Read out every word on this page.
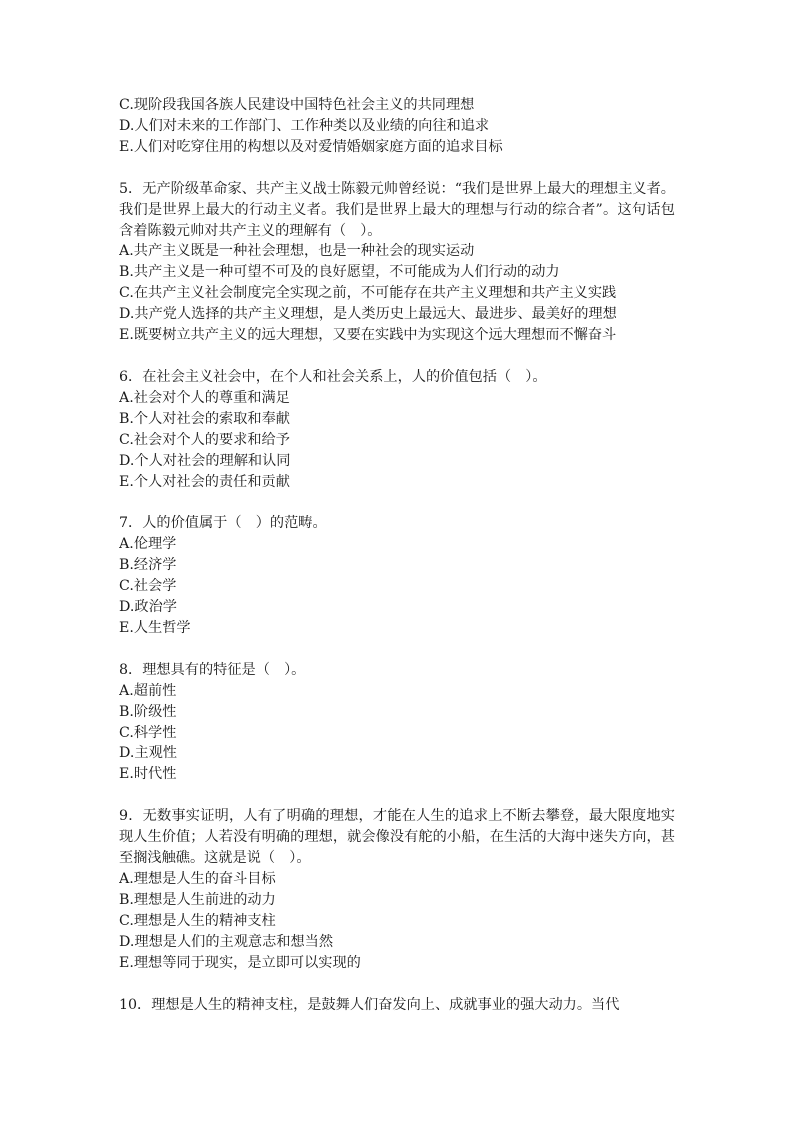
C.现阶段我国各族人民建设中国特色社会主义的共同理想
D.人们对未来的工作部门、工作种类以及业绩的向往和追求
E.人们对吃穿住用的构想以及对爱情婚姻家庭方面的追求目标
5．无产阶级革命家、共产主义战士陈毅元帅曾经说：“我们是世界上最大的理想主义者。我们是世界上最大的行动主义者。我们是世界上最大的理想与行动的综合者”。这句话包含着陈毅元帅对共产主义的理解有（　）。
A.共产主义既是一种社会理想，也是一种社会的现实运动
B.共产主义是一种可望不可及的良好愿望，不可能成为人们行动的动力
C.在共产主义社会制度完全实现之前，不可能存在共产主义理想和共产主义实践
D.共产党人选择的共产主义理想，是人类历史上最远大、最进步、最美好的理想
E.既要树立共产主义的远大理想，又要在实践中为实现这个远大理想而不懈奋斗
6．在社会主义社会中，在个人和社会关系上，人的价值包括（　）。
A.社会对个人的尊重和满足
B.个人对社会的索取和奉献
C.社会对个人的要求和给予
D.个人对社会的理解和认同
E.个人对社会的责任和贡献
7．人的价值属于（　）的范畴。
A.伦理学
B.经济学
C.社会学
D.政治学
E.人生哲学
8．理想具有的特征是（　）。
A.超前性
B.阶级性
C.科学性
D.主观性
E.时代性
9．无数事实证明，人有了明确的理想，才能在人生的追求上不断去攀登，最大限度地实现人生价值；人若没有明确的理想，就会像没有舵的小船，在生活的大海中迷失方向，甚至搁浅触礁。这就是说（　）。
A.理想是人生的奋斗目标
B.理想是人生前进的动力
C.理想是人生的精神支柱
D.理想是人们的主观意志和想当然
E.理想等同于现实，是立即可以实现的
10．理想是人生的精神支柱，是鼓舞人们奋发向上、成就事业的强大动力。当代
